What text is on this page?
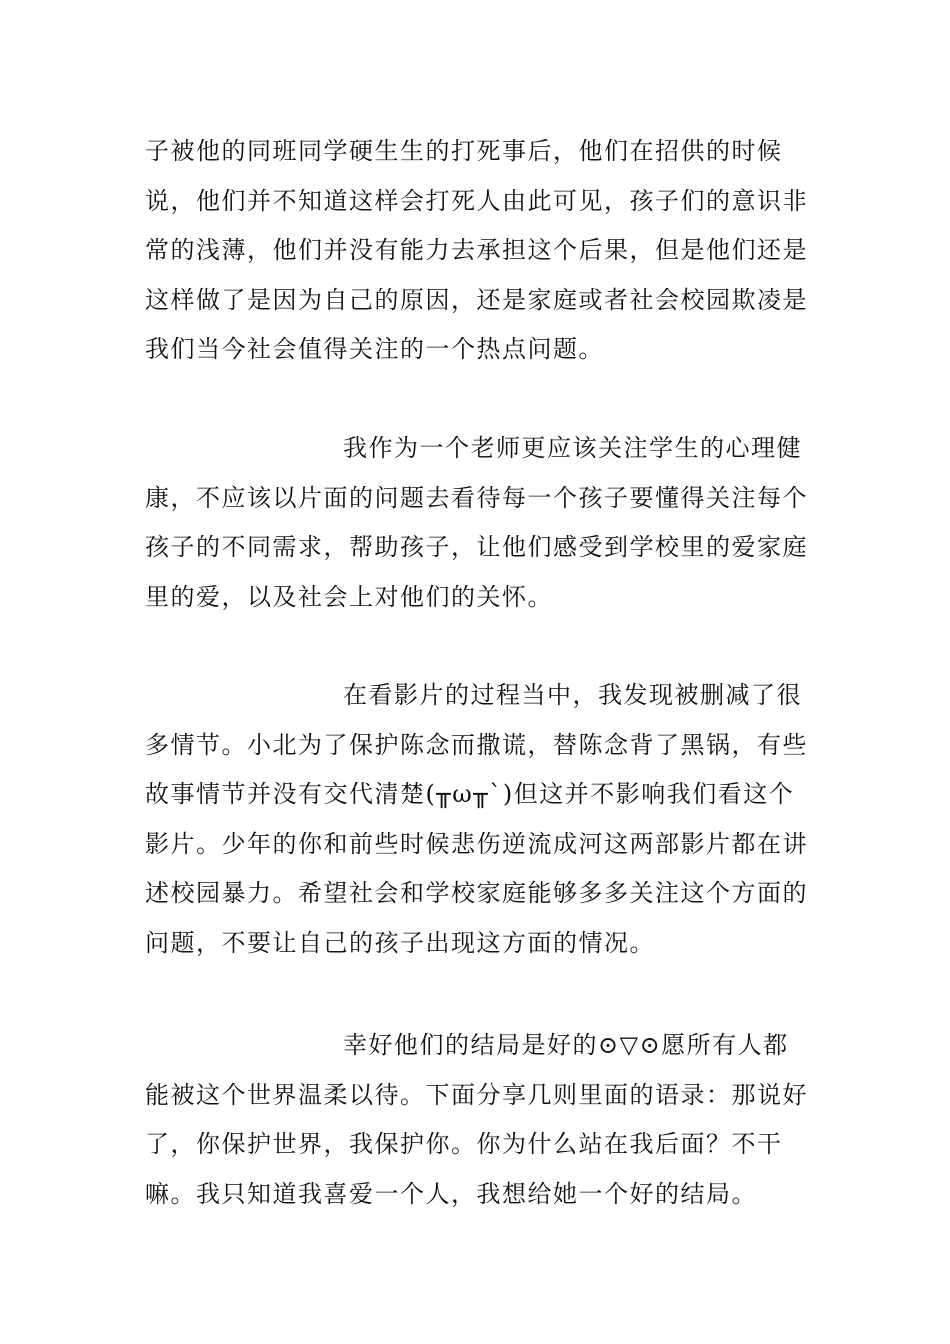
子被他的同班同学硬生生的打死事后，他们在招供的时候说，他们并不知道这样会打死人由此可见，孩子们的意识非常的浅薄，他们并没有能力去承担这个后果，但是他们还是这样做了是因为自己的原因，还是家庭或者社会校园欺凌是我们当今社会值得关注的一个热点问题。

我作为一个老师更应该关注学生的心理健康，不应该以片面的问题去看待每一个孩子要懂得关注每个孩子的不同需求，帮助孩子，让他们感受到学校里的爱家庭里的爱，以及社会上对他们的关怀。

在看影片的过程当中，我发现被删减了很多情节。小北为了保护陈念而撒谎，替陈念背了黑锅，有些故事情节并没有交代清楚(╥ω╥`)但这并不影响我们看这个影片。少年的你和前些时候悲伤逆流成河这两部影片都在讲述校园暴力。希望社会和学校家庭能够多多关注这个方面的问题，不要让自己的孩子出现这方面的情况。

幸好他们的结局是好的⊙▽⊙愿所有人都能被这个世界温柔以待。下面分享几则里面的语录：那说好了，你保护世界，我保护你。你为什么站在我后面？不干嘛。我只知道我喜爱一个人，我想给她一个好的结局。
